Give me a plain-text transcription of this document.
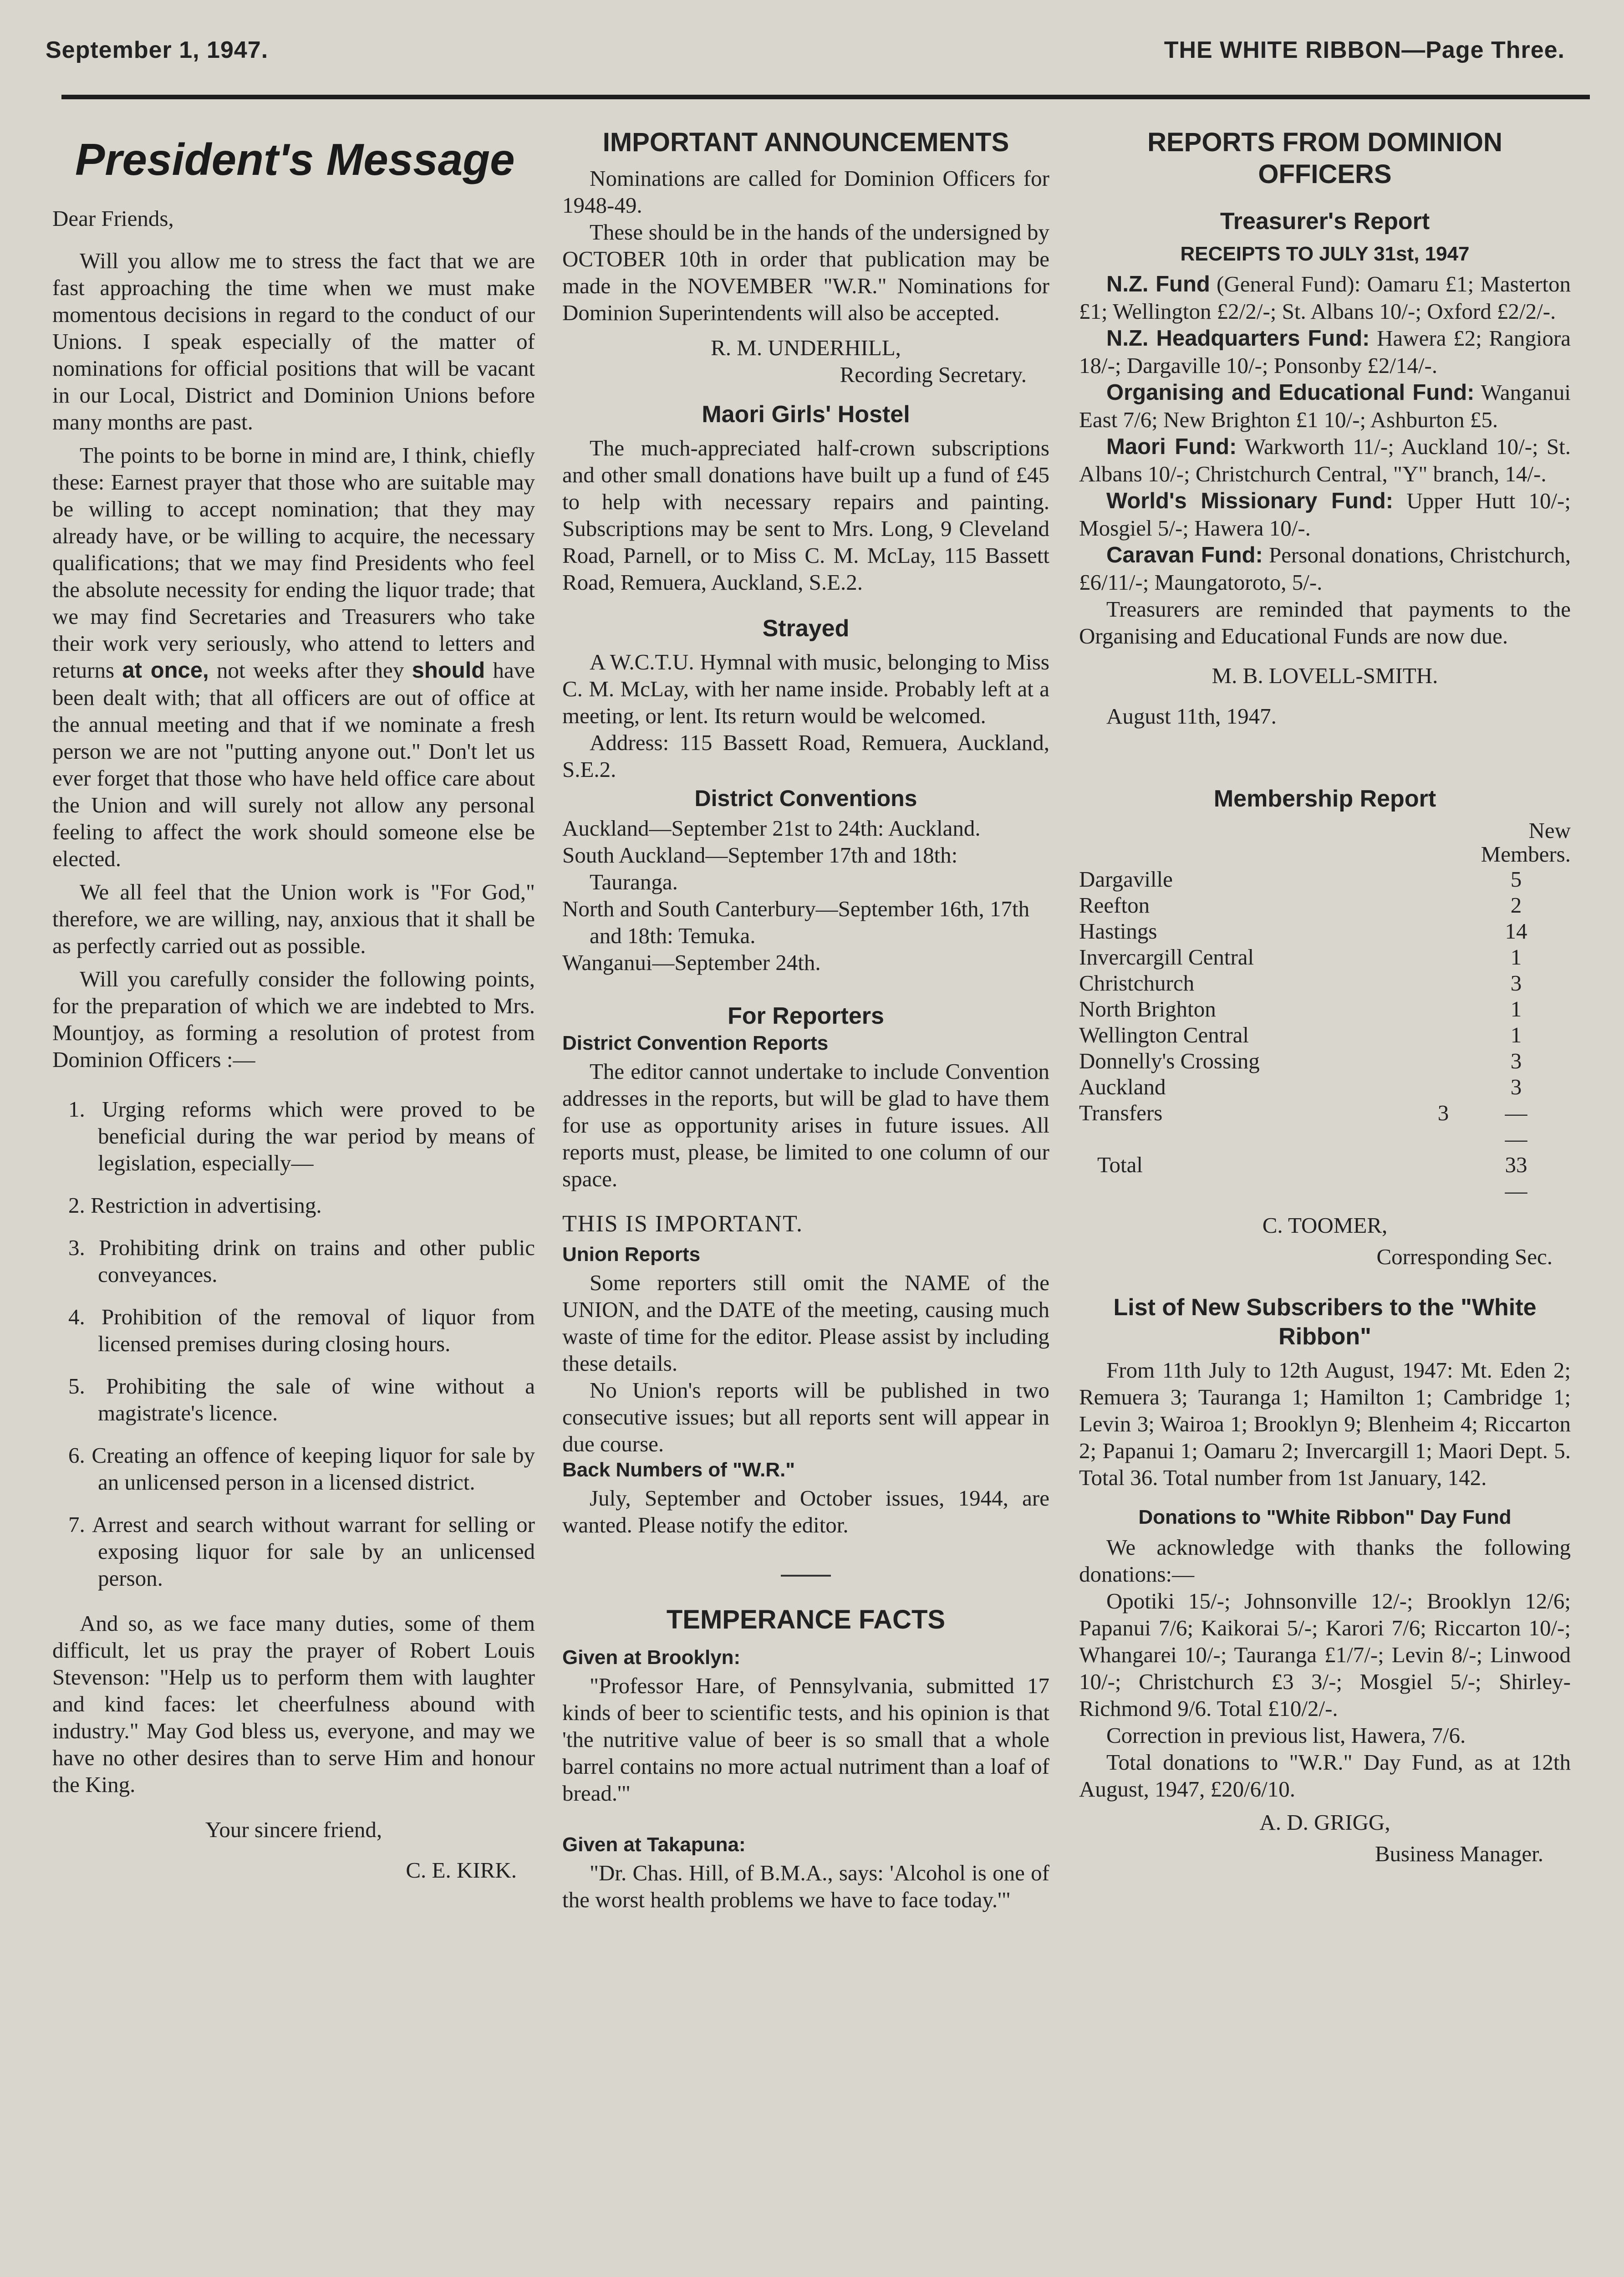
September 1, 1947.	THE WHITE RIBBON—Page Three.
President's Message

Dear Friends,

Will you allow me to stress the fact that we are fast approaching the time when we must make momentous decisions in regard to the conduct of our Unions. I speak especially of the matter of nominations for official positions that will be vacant in our Local, District and Dominion Unions before many months are past.

The points to be borne in mind are, I think, chiefly these: Earnest prayer that those who are suitable may be willing to accept nomination; that they may already have, or be willing to acquire, the necessary qualifications; that we may find Presidents who feel the absolute necessity for ending the liquor trade; that we may find Secretaries and Treasurers who take their work very seriously, who attend to letters and returns at once, not weeks after they should have been dealt with; that all officers are out of office at the annual meeting and that if we nominate a fresh person we are not "putting anyone out." Don't let us ever forget that those who have held office care about the Union and will surely not allow any personal feeling to affect the work should someone else be elected.

We all feel that the Union work is "For God," therefore, we are willing, nay, anxious that it shall be as perfectly carried out as possible.

Will you carefully consider the following points, for the preparation of which we are indebted to Mrs. Mountjoy, as forming a resolution of protest from Dominion Officers :—

1. Urging reforms which were proved to be beneficial during the war period by means of legislation, especially—
2. Restriction in advertising.
3. Prohibiting drink on trains and other public conveyances.
4. Prohibition of the removal of liquor from licensed premises during closing hours.
5. Prohibiting the sale of wine without a magistrate's licence.
6. Creating an offence of keeping liquor for sale by an unlicensed person in a licensed district.
7. Arrest and search without warrant for selling or exposing liquor for sale by an unlicensed person.

And so, as we face many duties, some of them difficult, let us pray the prayer of Robert Louis Stevenson: "Help us to perform them with laughter and kind faces: let cheerfulness abound with industry." May God bless us, everyone, and may we have no other desires than to serve Him and honour the King.

Your sincere friend,

C. E. KIRK.

IMPORTANT ANNOUNCEMENTS

Nominations are called for Dominion Officers for 1948-49.

These should be in the hands of the undersigned by OCTOBER 10th in order that publication may be made in the NOVEMBER "W.R." Nominations for Dominion Superintendents will also be accepted.

R. M. UNDERHILL,

Recording Secretary.

Maori Girls' Hostel

The much-appreciated half-crown subscriptions and other small donations have built up a fund of £45 to help with necessary repairs and painting. Subscriptions may be sent to Mrs. Long, 9 Cleveland Road, Parnell, or to Miss C. M. McLay, 115 Bassett Road, Remuera, Auckland, S.E.2.

Strayed

A W.C.T.U. Hymnal with music, belonging to Miss C. M. McLay, with her name inside. Probably left at a meeting, or lent. Its return would be welcomed.

Address: 115 Bassett Road, Remuera, Auckland, S.E.2.

District Conventions

Auckland—September 21st to 24th: Auckland.

South Auckland—September 17th and 18th: Tauranga.

North and South Canterbury—September 16th, 17th and 18th: Temuka.

Wanganui—September 24th.

For Reporters
District Convention Reports

The editor cannot undertake to include Convention addresses in the reports, but will be glad to have them for use as opportunity arises in future issues. All reports must, please, be limited to one column of our space.

THIS IS IMPORTANT.

Union Reports

Some reporters still omit the NAME of the UNION, and the DATE of the meeting, causing much waste of time for the editor. Please assist by including these details.

No Union's reports will be published in two consecutive issues; but all reports sent will appear in due course.

Back Numbers of "W.R."

July, September and October issues, 1944, are wanted. Please notify the editor.

TEMPERANCE FACTS
Given at Brooklyn:

"Professor Hare, of Pennsylvania, submitted 17 kinds of beer to scientific tests, and his opinion is that 'the nutritive value of beer is so small that a whole barrel contains no more actual nutriment than a loaf of bread.'"

Given at Takapuna:

"Dr. Chas. Hill, of B.M.A., says: 'Alcohol is one of the worst health problems we have to face today.'"

REPORTS FROM DOMINION OFFICERS
Treasurer's Report
RECEIPTS TO JULY 31st, 1947

N.Z. Fund (General Fund): Oamaru £1; Masterton £1; Wellington £2/2/-; St. Albans 10/-; Oxford £2/2/-.

N.Z. Headquarters Fund: Hawera £2; Rangiora 18/-; Dargaville 10/-; Ponsonby £2/14/-.

Organising and Educational Fund: Wanganui East 7/6; New Brighton £1 10/-; Ashburton £5.

Maori Fund: Warkworth 11/-; Auckland 10/-; St. Albans 10/-; Christchurch Central, "Y" branch, 14/-.

World's Missionary Fund: Upper Hutt 10/-; Mosgiel 5/-; Hawera 10/-.

Caravan Fund: Personal donations, Christchurch, £6/11/-; Maungatoroto, 5/-.

Treasurers are reminded that payments to the Organising and Educational Funds are now due.

M. B. LOVELL-SMITH.

August 11th, 1947.

Membership Report
		New Members.
Dargaville			5
Reefton			2
Hastings			14
Invercargill Central			1
Christchurch			3
North Brighton			1
Wellington Central			1
Donnelly's Crossing			3
Auckland			3
Transfers		3	—
		—
Total			33
		—

C. TOOMER,

Corresponding Sec.

List of New Subscribers to the "White Ribbon"

From 11th July to 12th August, 1947: Mt. Eden 2; Remuera 3; Tauranga 1; Hamilton 1; Cambridge 1; Levin 3; Wairoa 1; Brooklyn 9; Blenheim 4; Riccarton 2; Papanui 1; Oamaru 2; Invercargill 1; Maori Dept. 5. Total 36. Total number from 1st January, 142.

Donations to "White Ribbon" Day Fund

We acknowledge with thanks the following donations:—

Opotiki 15/-; Johnsonville 12/-; Brooklyn 12/6; Papanui 7/6; Kaikorai 5/-; Karori 7/6; Riccarton 10/-; Whangarei 10/-; Tauranga £1/7/-; Levin 8/-; Linwood 10/-; Christchurch £3 3/-; Mosgiel 5/-; Shirley-Richmond 9/6. Total £10/2/-.

Correction in previous list, Hawera, 7/6.

Total donations to "W.R." Day Fund, as at 12th August, 1947, £20/6/10.

A. D. GRIGG,

Business Manager.
